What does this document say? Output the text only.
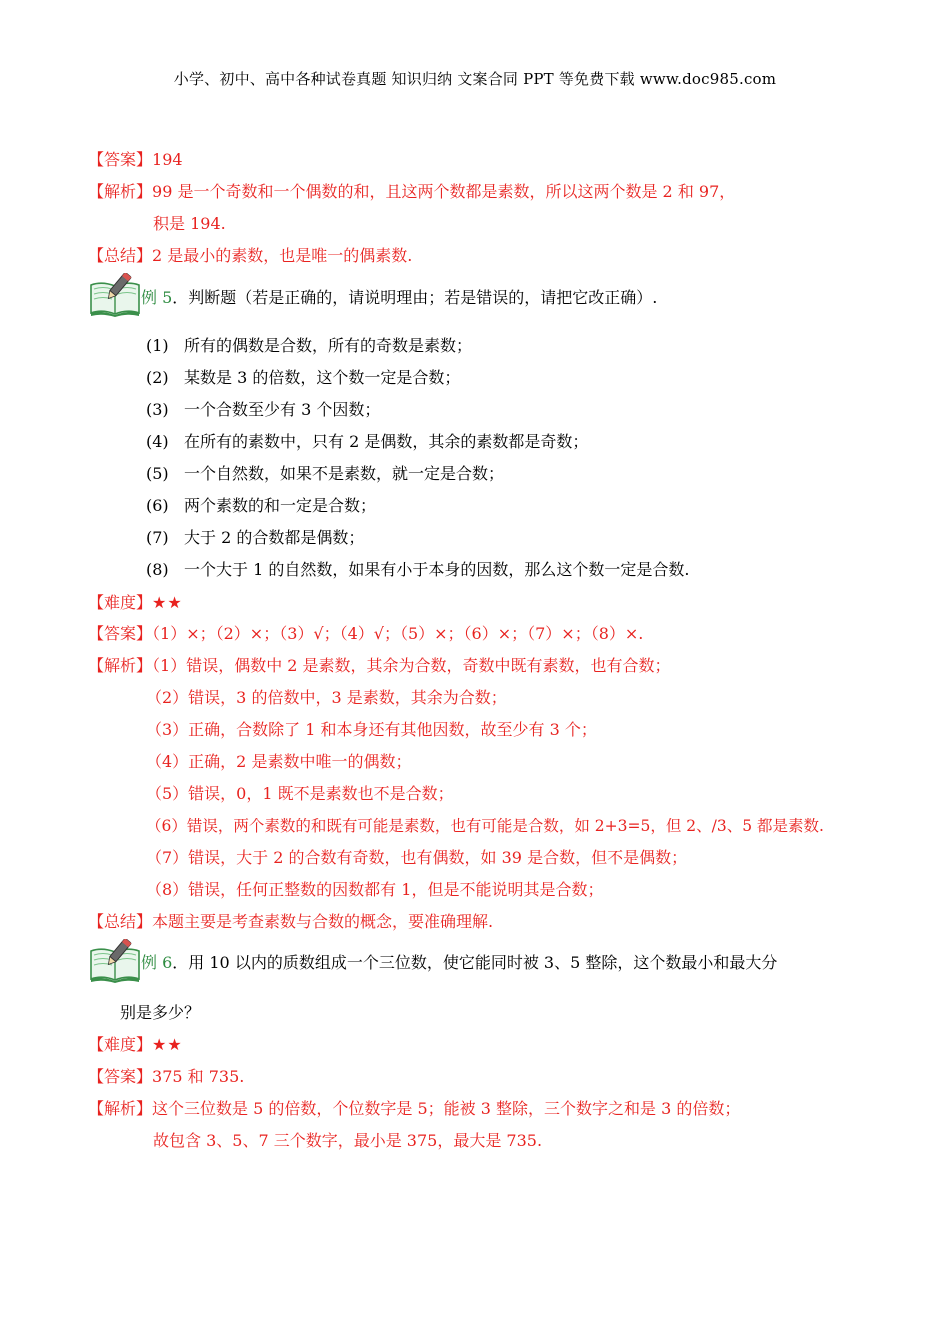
小学、初中、高中各种试卷真题 知识归纳 文案合同 PPT 等免费下载 www.doc985.com
【答案】194
【解析】99 是一个奇数和一个偶数的和，且这两个数都是素数，所以这两个数是 2 和 97，
积是 194.
【总结】2 是最小的素数，也是唯一的偶素数.
例 5．判断题（若是正确的，请说明理由；若是错误的，请把它改正确）.
(1) 所有的偶数是合数，所有的奇数是素数；
(2) 某数是 3 的倍数，这个数一定是合数；
(3) 一个合数至少有 3 个因数；
(4) 在所有的素数中，只有 2 是偶数，其余的素数都是奇数；
(5) 一个自然数，如果不是素数，就一定是合数；
(6) 两个素数的和一定是合数；
(7) 大于 2 的合数都是偶数；
(8) 一个大于 1 的自然数，如果有小于本身的因数，那么这个数一定是合数.
【难度】★★
【答案】（1）×；（2）×；（3）√；（4）√；（5）×；（6）×；（7）×；（8）×.
【解析】（1）错误，偶数中 2 是素数，其余为合数，奇数中既有素数，也有合数；
（2）错误，3 的倍数中，3 是素数，其余为合数；
（3）正确，合数除了 1 和本身还有其他因数，故至少有 3 个；
（4）正确，2 是素数中唯一的偶数；
（5）错误，0，1 既不是素数也不是合数；
（6）错误，两个素数的和既有可能是素数，也有可能是合数，如 2+3=5，但 2、/3、5 都是素数.
（7）错误，大于 2 的合数有奇数，也有偶数，如 39 是合数，但不是偶数；
（8）错误，任何正整数的因数都有 1，但是不能说明其是合数；
【总结】本题主要是考查素数与合数的概念，要准确理解.
例 6．用 10 以内的质数组成一个三位数，使它能同时被 3、5 整除，这个数最小和最大分
别是多少？
【难度】★★
【答案】375 和 735.
【解析】这个三位数是 5 的倍数，个位数字是 5；能被 3 整除，三个数字之和是 3 的倍数；
故包含 3、5、7 三个数字，最小是 375，最大是 735.
